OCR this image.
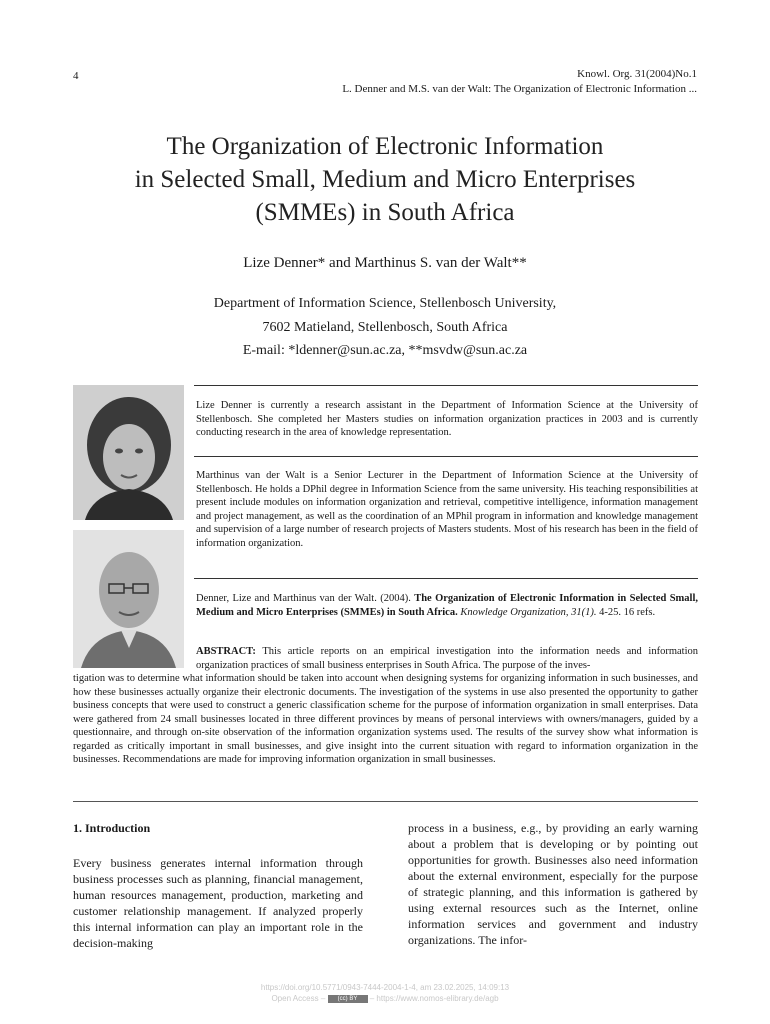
4	Knowl. Org. 31(2004)No.1
L. Denner and M.S. van der Walt: The Organization of Electronic Information ...
The Organization of Electronic Information
in Selected Small, Medium and Micro Enterprises
(SMMEs) in South Africa
Lize Denner* and Marthinus S. van der Walt**
Department of Information Science, Stellenbosch University,
7602 Matieland, Stellenbosch, South Africa
E-mail: *ldenner@sun.ac.za, **msvdw@sun.ac.za
Lize Denner is currently a research assistant in the Department of Information Science at the University of Stellenbosch. She completed her Masters studies on information organization practices in 2003 and is currently conducting research in the area of knowledge representation.
Marthinus van der Walt is a Senior Lecturer in the Department of Information Science at the University of Stellenbosch. He holds a DPhil degree in Information Science from the same university. His teaching responsibilities at present include modules on information organization and retrieval, competitive intelligence, information management and project management, as well as the coordination of an MPhil program in information and knowledge management and supervision of a large number of research projects of Masters students. Most of his research has been in the field of information organization.
Denner, Lize and Marthinus van der Walt. (2004). The Organization of Electronic Information in Selected Small, Medium and Micro Enterprises (SMMEs) in South Africa. Knowledge Organization, 31(1). 4-25. 16 refs.
ABSTRACT: This article reports on an empirical investigation into the information needs and information organization practices of small business enterprises in South Africa. The purpose of the inves-
tigation was to determine what information should be taken into account when designing systems for organizing information in such businesses, and how these businesses actually organize their electronic documents. The investigation of the systems in use also presented the opportunity to gather business concepts that were used to construct a generic classification scheme for the purpose of information organization in small enterprises. Data were gathered from 24 small businesses located in three different provinces by means of personal interviews with owners/managers, guided by a questionnaire, and through on-site observation of the information organization systems used. The results of the survey show what information is regarded as critically important in small businesses, and give insight into the current situation with regard to information organization in the businesses. Recommendations are made for improving information organization in small businesses.
1. Introduction
Every business generates internal information through business processes such as planning, financial management, human resources management, production, marketing and customer relationship management. If analyzed properly this internal information can play an important role in the decision-making
process in a business, e.g., by providing an early warning about a problem that is developing or by pointing out opportunities for growth. Businesses also need information about the external environment, especially for the purpose of strategic planning, and this information is gathered by using external resources such as the Internet, online information services and government and industry organizations. The infor-
https://doi.org/10.5771/0943-7444-2004-1-4, am 23.02.2025, 14:09:13
Open Access – (cc) BY – https://www.nomos-elibrary.de/agb
